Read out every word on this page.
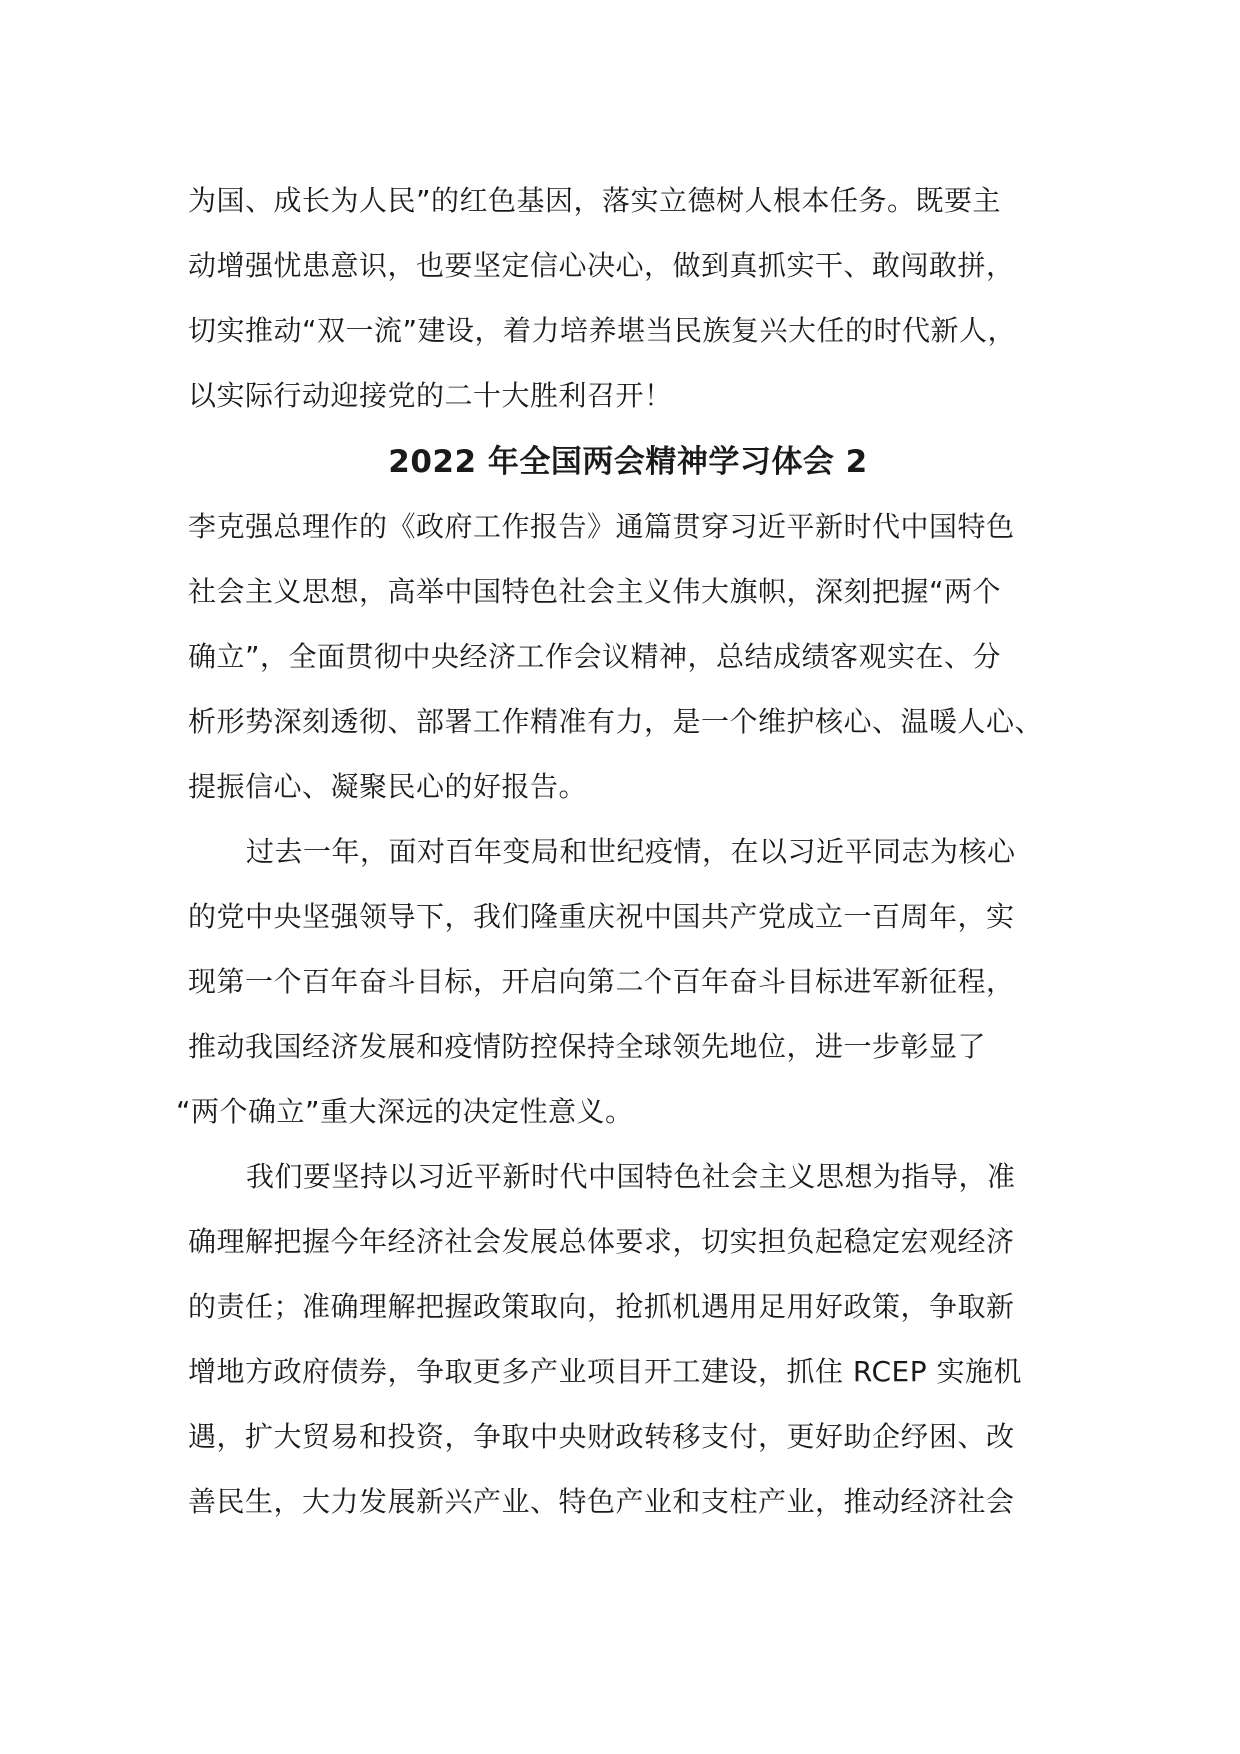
为国、成长为人民”的红色基因，落实立德树人根本任务。既要主
动增强忧患意识，也要坚定信心决心，做到真抓实干、敢闯敢拼，
切实推动“双一流”建设，着力培养堪当民族复兴大任的时代新人，
以实际行动迎接党的二十大胜利召开！
2022 年全国两会精神学习体会 2
李克强总理作的《政府工作报告》通篇贯穿习近平新时代中国特色
社会主义思想，高举中国特色社会主义伟大旗帜，深刻把握“两个
确立”，全面贯彻中央经济工作会议精神，总结成绩客观实在、分
析形势深刻透彻、部署工作精准有力，是一个维护核心、温暖人心、
提振信心、凝聚民心的好报告。
过去一年，面对百年变局和世纪疫情，在以习近平同志为核心
的党中央坚强领导下，我们隆重庆祝中国共产党成立一百周年，实
现第一个百年奋斗目标，开启向第二个百年奋斗目标进军新征程，
推动我国经济发展和疫情防控保持全球领先地位，进一步彰显了
“两个确立”重大深远的决定性意义。
我们要坚持以习近平新时代中国特色社会主义思想为指导，准
确理解把握今年经济社会发展总体要求，切实担负起稳定宏观经济
的责任；准确理解把握政策取向，抢抓机遇用足用好政策，争取新
增地方政府债券，争取更多产业项目开工建设，抓住 RCEP 实施机
遇，扩大贸易和投资，争取中央财政转移支付，更好助企纾困、改
善民生，大力发展新兴产业、特色产业和支柱产业，推动经济社会
